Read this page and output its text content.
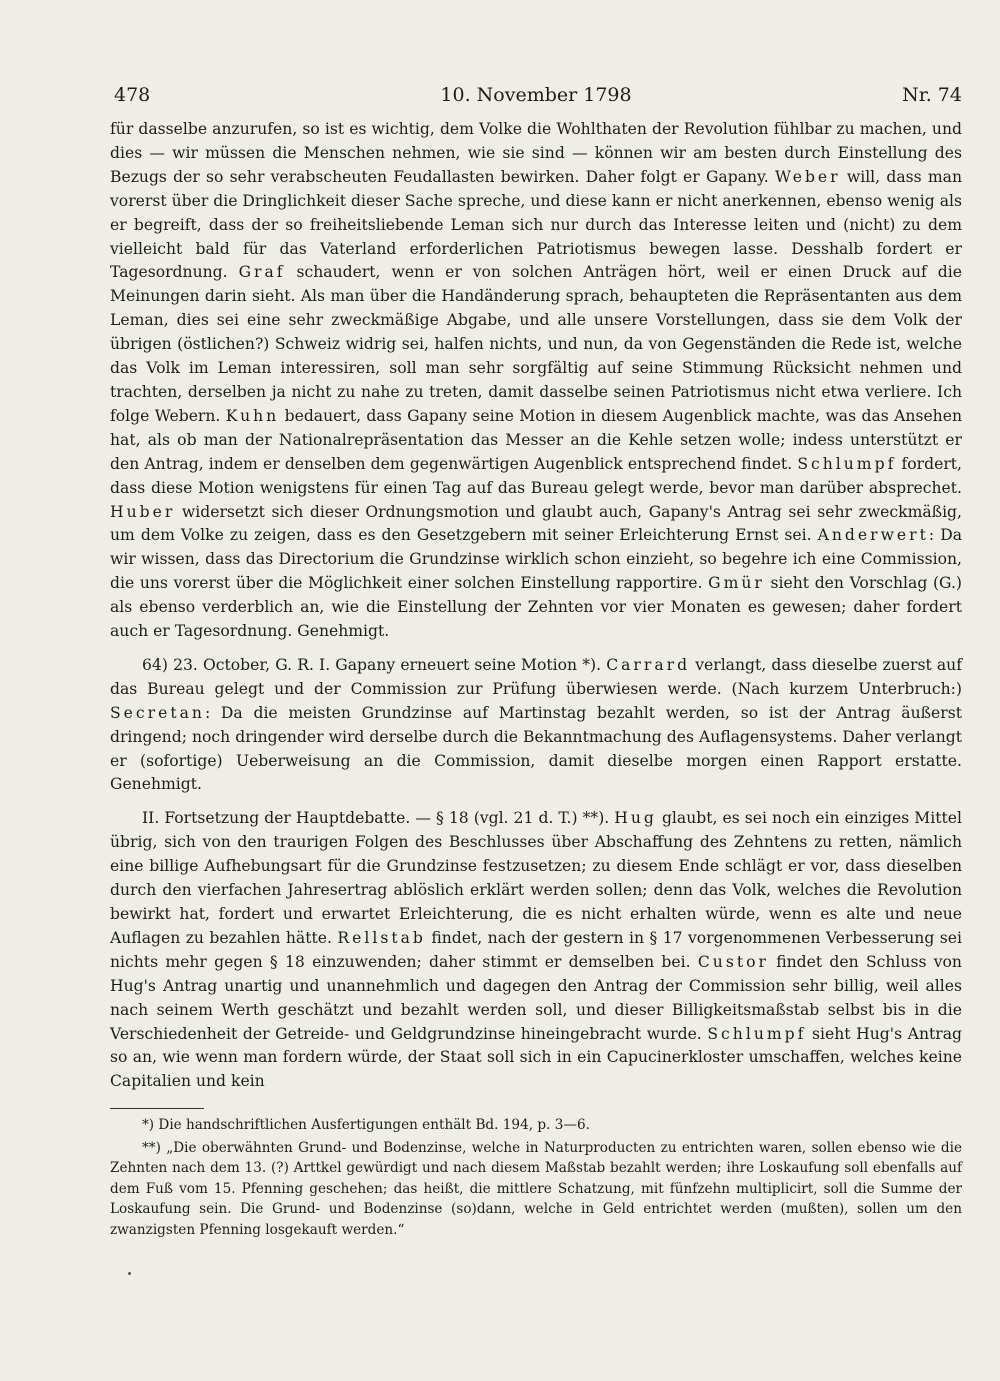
478	10. November 1798	Nr. 74

für dasselbe anzurufen, so ist es wichtig, dem Volke die Wohlthaten der Revolution fühlbar zu machen, und dies — wir müssen die Menschen nehmen, wie sie sind — können wir am besten durch Einstellung des Bezugs der so sehr verabscheuten Feudallasten bewirken. Daher folgt er Gapany. Weber will, dass man vorerst über die Dringlichkeit dieser Sache spreche, und diese kann er nicht anerkennen, ebenso wenig als er begreift, dass der so freiheitsliebende Leman sich nur durch das Interesse leiten und (nicht) zu dem vielleicht bald für das Vaterland erforderlichen Patriotismus bewegen lasse. Desshalb fordert er Tagesordnung. Graf schaudert, wenn er von solchen Anträgen hört, weil er einen Druck auf die Meinungen darin sieht. Als man über die Handänderung sprach, behaupteten die Repräsentanten aus dem Leman, dies sei eine sehr zweckmäßige Abgabe, und alle unsere Vorstellungen, dass sie dem Volk der übrigen (östlichen?) Schweiz widrig sei, halfen nichts, und nun, da von Gegenständen die Rede ist, welche das Volk im Leman interessiren, soll man sehr sorgfältig auf seine Stimmung Rücksicht nehmen und trachten, derselben ja nicht zu nahe zu treten, damit dasselbe seinen Patriotismus nicht etwa verliere. Ich folge Webern. Kuhn bedauert, dass Gapany seine Motion in diesem Augenblick machte, was das Ansehen hat, als ob man der Nationalrepräsentation das Messer an die Kehle setzen wolle; indess unterstützt er den Antrag, indem er denselben dem gegenwärtigen Augenblick entsprechend findet. Schlumpf fordert, dass diese Motion wenigstens für einen Tag auf das Bureau gelegt werde, bevor man darüber absprechet. Huber widersetzt sich dieser Ordnungsmotion und glaubt auch, Gapany's Antrag sei sehr zweckmäßig, um dem Volke zu zeigen, dass es den Gesetzgebern mit seiner Erleichterung Ernst sei. Anderwert: Da wir wissen, dass das Directorium die Grundzinse wirklich schon einzieht, so begehre ich eine Commission, die uns vorerst über die Möglichkeit einer solchen Einstellung rapportire. Gmür sieht den Vorschlag (G.) als ebenso verderblich an, wie die Einstellung der Zehnten vor vier Monaten es gewesen; daher fordert auch er Tagesordnung. Genehmigt.

64) 23. October, G. R. I. Gapany erneuert seine Motion *). Carrard verlangt, dass dieselbe zuerst auf das Bureau gelegt und der Commission zur Prüfung überwiesen werde. (Nach kurzem Unterbruch:) Secretan: Da die meisten Grundzinse auf Martinstag bezahlt werden, so ist der Antrag äußerst dringend; noch dringender wird derselbe durch die Bekanntmachung des Auflagensystems. Daher verlangt er (sofortige) Ueberweisung an die Commission, damit dieselbe morgen einen Rapport erstatte. Genehmigt.

II. Fortsetzung der Hauptdebatte. — § 18 (vgl. 21 d. T.) **). Hug glaubt, es sei noch ein einziges Mittel übrig, sich von den traurigen Folgen des Beschlusses über Abschaffung des Zehntens zu retten, nämlich eine billige Aufhebungsart für die Grundzinse festzusetzen; zu diesem Ende schlägt er vor, dass dieselben durch den vierfachen Jahresertrag ablöslich erklärt werden sollen; denn das Volk, welches die Revolution bewirkt hat, fordert und erwartet Erleichterung, die es nicht erhalten würde, wenn es alte und neue Auflagen zu bezahlen hätte. Rellstab findet, nach der gestern in § 17 vorgenommenen Verbesserung sei nichts mehr gegen § 18 einzuwenden; daher stimmt er demselben bei. Custor findet den Schluss von Hug's Antrag unartig und unannehmlich und dagegen den Antrag der Commission sehr billig, weil alles nach seinem Werth geschätzt und bezahlt werden soll, und dieser Billigkeitsmaßstab selbst bis in die Verschiedenheit der Getreide- und Geldgrundzinse hineingebracht wurde. Schlumpf sieht Hug's Antrag so an, wie wenn man fordern würde, der Staat soll sich in ein Capucinerkloster umschaffen, welches keine Capitalien und kein

*) Die handschriftlichen Ausfertigungen enthält Bd. 194, p. 3—6.

**) „Die oberwähnten Grund- und Bodenzinse, welche in Naturproducten zu entrichten waren, sollen ebenso wie die Zehnten nach dem 13. (?) Arttkel gewürdigt und nach diesem Maßstab bezahlt werden; ihre Loskaufung soll ebenfalls auf dem Fuß vom 15. Pfenning geschehen; das heißt, die mittlere Schatzung, mit fünfzehn multiplicirt, soll die Summe der Loskaufung sein. Die Grund- und Bodenzinse (so)dann, welche in Geld entrichtet werden (mußten), sollen um den zwanzigsten Pfenning losgekauft werden.“
